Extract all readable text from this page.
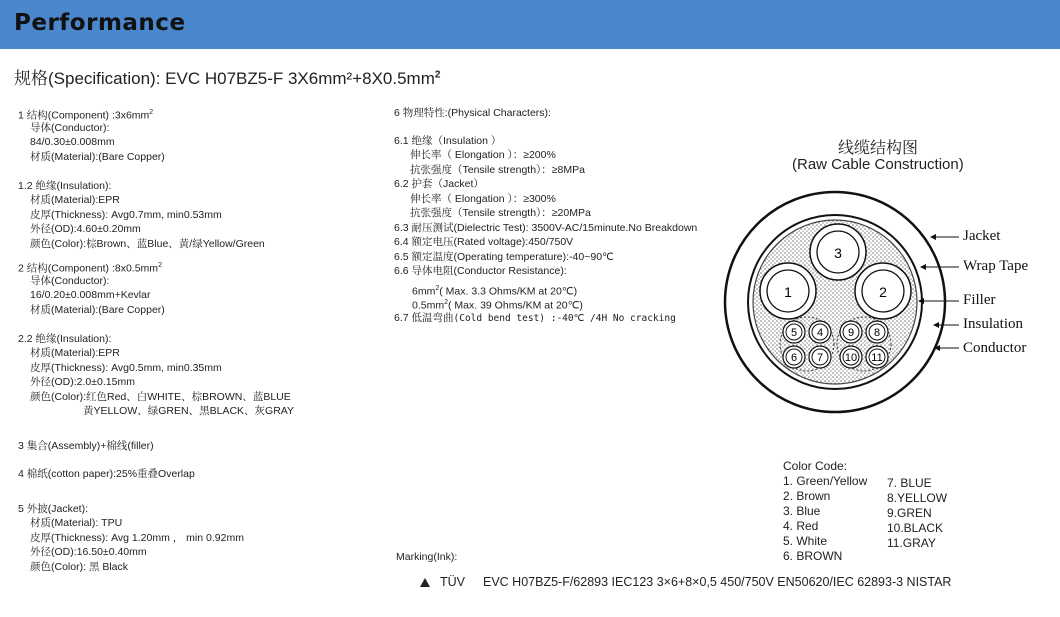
Performance
规格(Specification): EVC H07BZ5-F $3X6mm^2+8X0.5mm^2$
1 结构(Component) $:3x6mm^2$
导体(Conductor):
84/0.30±0.008mm
材质(Material):(Bare Copper)
1.2 绝缘(Insulation):
材质(Material):EPR
皮厚(Thickness): Avg0.7mm, min0.53mm
外径(OD):4.60±0.20mm
颜色(Color):棕Brown、蓝Blue、黄/绿Yellow/Green
2 结构(Component) $:8x0.5mm^2$
导体(Conductor):
16/0.20±0.008mm+Kevlar
材质(Material):(Bare Copper)
2.2 绝缘(Insulation):
材质(Material):EPR
皮厚(Thickness): Avg0.5mm, min0.35mm
外径(OD):2.0±0.15mm
颜色(Color):红色Red、白WHITE、棕BROWN、蓝BLUE
黄YELLOW、绿GREN、黑BLACK、灰GRAY
3 集合(Assembly)+棉线(filler)
4 棉纸(cotton paper):25%重叠Overlap
5 外披(Jacket):
材质(Material): TPU
皮厚(Thickness): Avg 1.20mm ， min 0.92mm
外径(OD):16.50±0.40mm
颜色(Color): 黑 Black
6 物理特性:(Physical Characters):
6.1 绝缘（Insulation ）
伸长率（ Elongation ）：≥200%
抗张强度（Tensile strength）：≥8MPa
6.2 护套（Jacket）
伸长率（ Elongation ）：≥300%
抗张强度（Tensile strength）：≥20MPa
6.3 耐压测试(Dielectric Test): 3500V-AC/15minute.No Breakdown
6.4 额定电压(Rated voltage):450/750V
6.5 额定温度(Operating temperature):-40~90℃
6.6 导体电阻(Conductor Resistance):
$6mm^2$( Max. 3.3 Ohms/KM at 20℃)
$0.5mm^2$( Max. 39 Ohms/KM at 20℃)
6.7 低温弯曲(Cold bend test) :-40℃ /4H No cracking
线缆结构图
(Raw Cable Construction)
3
1	2
5 4
6 7
9 8
10 11
Jacket
Wrap Tape
Filler
Insulation
Conductor
Color Code:
1. Green/Yellow
2. Brown
3. Blue
4. Red
5. White
6. BROWN
7. BLUE
8.YELLOW
9.GREN
10.BLACK
11.GRAY
Marking(Ink):
TÜV EVC H07BZ5-F/62893 IEC123 3×6+8×0,5 450/750V EN50620/IEC 62893-3 NISTAR
